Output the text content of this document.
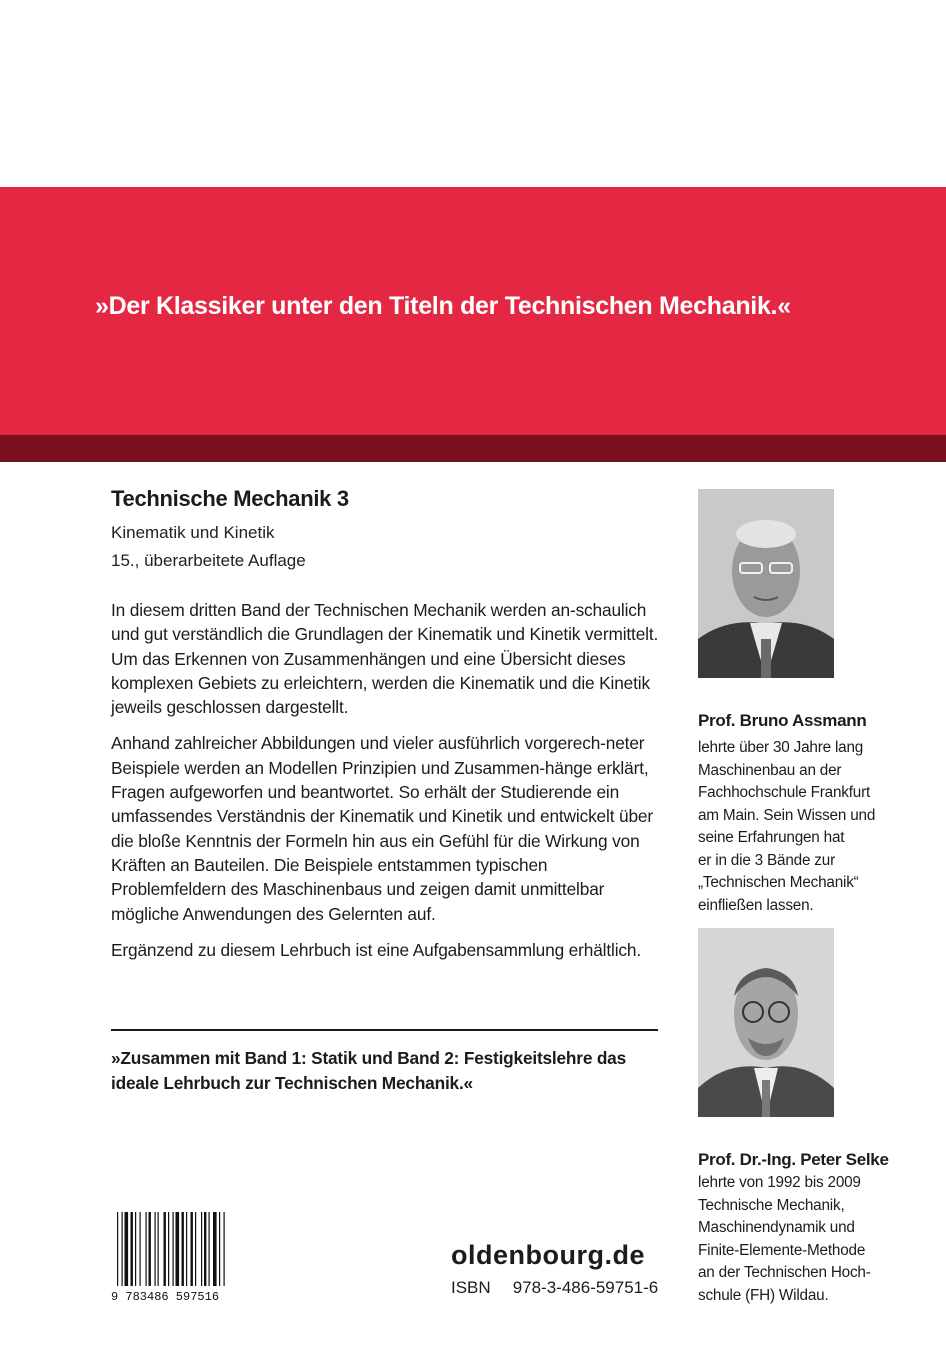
»Der Klassiker unter den Titeln der Technischen Mechanik.«
Technische Mechanik 3
Kinematik und Kinetik
15., überarbeitete Auflage

In diesem dritten Band der Technischen Mechanik werden an-schaulich und gut verständlich die Grundlagen der Kinematik und Kinetik vermittelt. Um das Erkennen von Zusammenhängen und eine Übersicht dieses komplexen Gebiets zu erleichtern, werden die Kinematik und die Kinetik jeweils geschlossen dargestellt.

Anhand zahlreicher Abbildungen und vieler ausführlich vorgerech-neter Beispiele werden an Modellen Prinzipien und Zusammen-hänge erklärt, Fragen aufgeworfen und beantwortet. So erhält der Studierende ein umfassendes Verständnis der Kinematik und Kinetik und entwickelt über die bloße Kenntnis der Formeln hin aus ein Gefühl für die Wirkung von Kräften an Bauteilen. Die Beispiele entstammen typischen Problemfeldern des Maschinenbaus und zeigen damit unmittelbar mögliche Anwendungen des Gelernten auf.

Ergänzend zu diesem Lehrbuch ist eine Aufgabensammlung erhältlich.

»Zusammen mit Band 1: Statik und Band 2: Festigkeitslehre das ideale Lehrbuch zur Technischen Mechanik.«
Prof. Bruno Assmann
lehrte über 30 Jahre lang
Maschinenbau an der
Fachhochschule Frankfurt
am Main. Sein Wissen und
seine Erfahrungen hat
er in die 3 Bände zur
„Technischen Mechanik“
einfließen lassen.
Prof. Dr.-Ing. Peter Selke
lehrte von 1992 bis 2009
Technische Mechanik,
Maschinendynamik und
Finite-Elemente-Methode
an der Technischen Hoch-
schule (FH) Wildau.
9 783486 597516
oldenbourg.de
ISBN 978-3-486-59751-6
